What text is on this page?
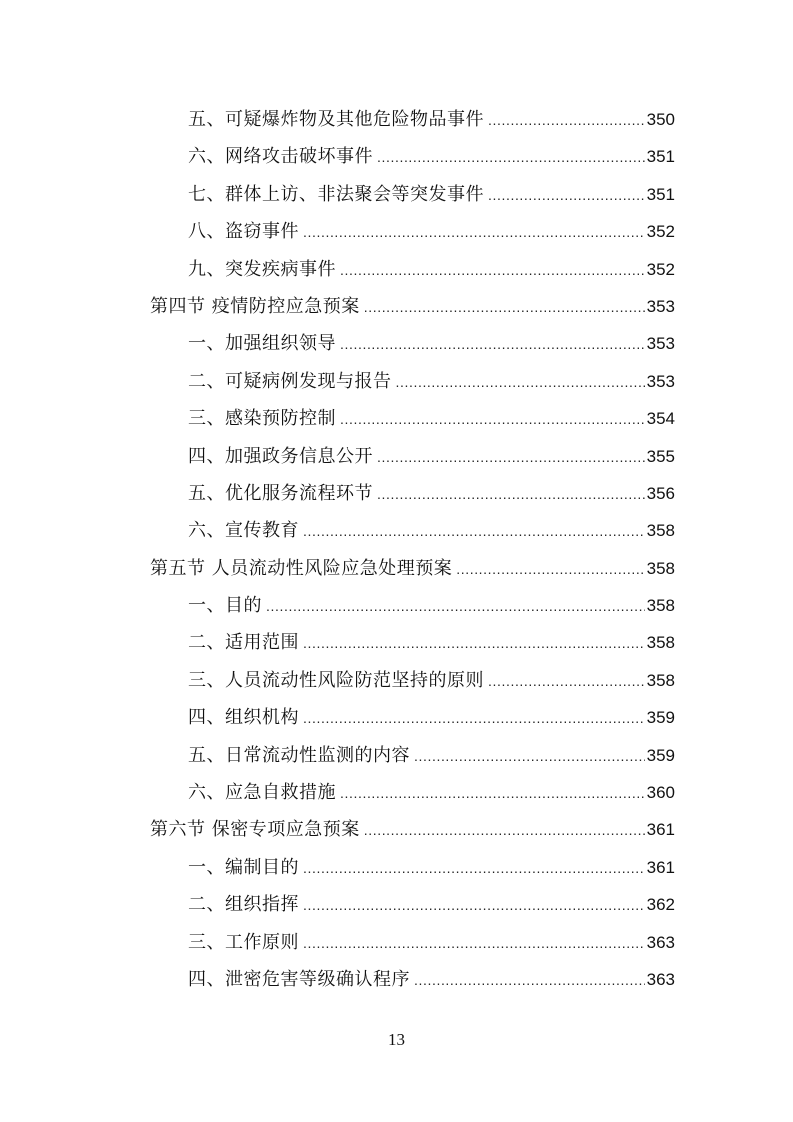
五、可疑爆炸物及其他危险物品事件 .....	350
六、网络攻击破坏事件 .....	351
七、群体上访、非法聚会等突发事件 .....	351
八、盗窃事件 .....	352
九、突发疾病事件 .....	352
第四节 疫情防控应急预案 .....	353
一、加强组织领导 .....	353
二、可疑病例发现与报告 .....	353
三、感染预防控制 .....	354
四、加强政务信息公开 .....	355
五、优化服务流程环节 .....	356
六、宣传教育 .....	358
第五节 人员流动性风险应急处理预案 .....	358
一、目的 .....	358
二、适用范围 .....	358
三、人员流动性风险防范坚持的原则 .....	358
四、组织机构 .....	359
五、日常流动性监测的内容 .....	359
六、应急自救措施 .....	360
第六节 保密专项应急预案 .....	361
一、编制目的 .....	361
二、组织指挥 .....	362
三、工作原则 .....	363
四、泄密危害等级确认程序 .....	363
13
